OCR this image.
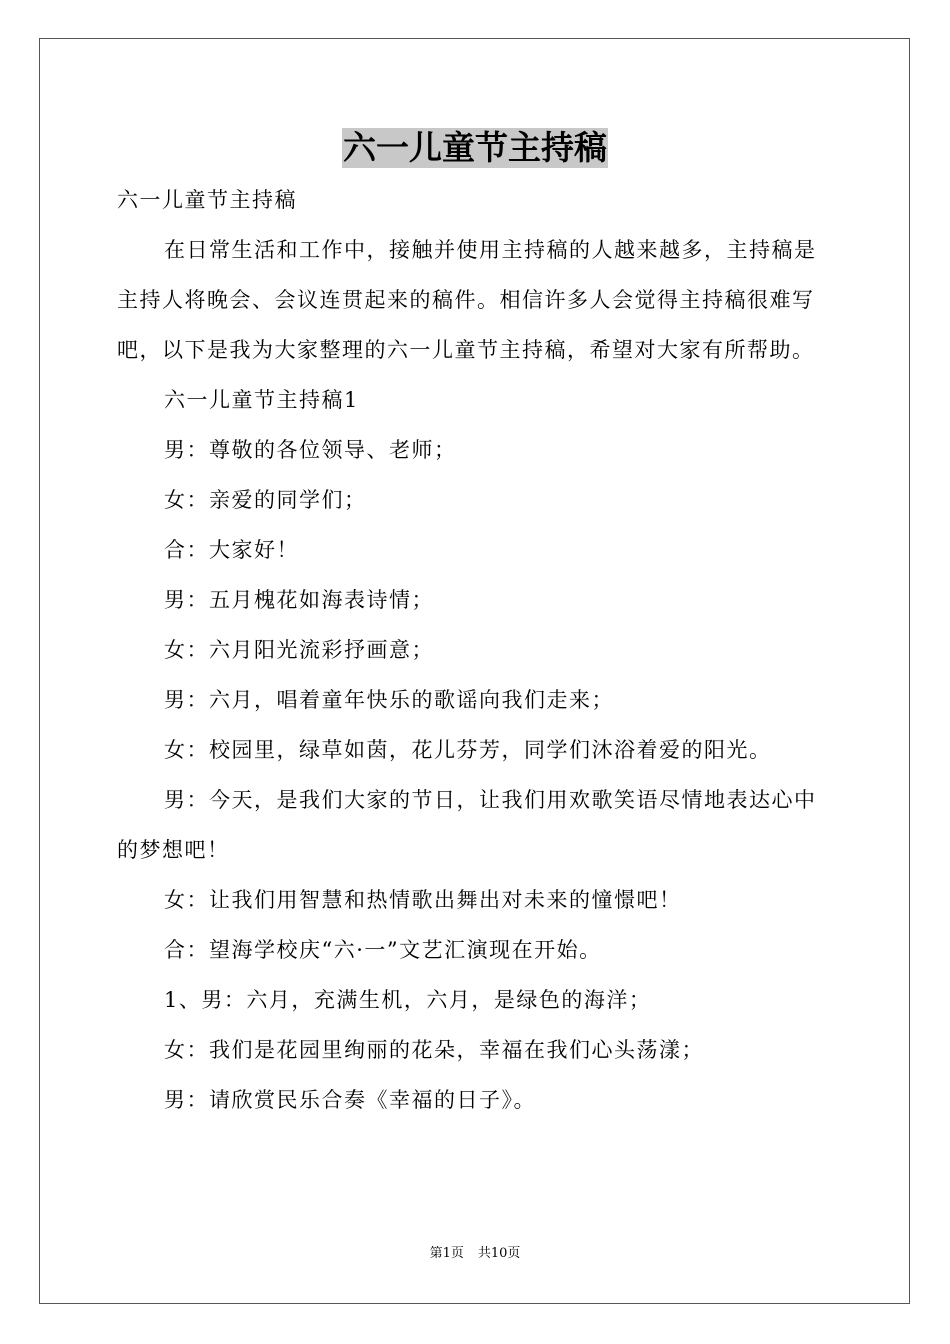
六一儿童节主持稿

六一儿童节主持稿

在日常生活和工作中，接触并使用主持稿的人越来越多，主持稿是主持人将晚会、会议连贯起来的稿件。相信许多人会觉得主持稿很难写吧，以下是我为大家整理的六一儿童节主持稿，希望对大家有所帮助。

六一儿童节主持稿1

男：尊敬的各位领导、老师；

女：亲爱的同学们；

合：大家好！

男：五月槐花如海表诗情；

女：六月阳光流彩抒画意；

男：六月，唱着童年快乐的歌谣向我们走来；

女：校园里，绿草如茵，花儿芬芳，同学们沐浴着爱的阳光。

男：今天，是我们大家的节日，让我们用欢歌笑语尽情地表达心中的梦想吧！

女：让我们用智慧和热情歌出舞出对未来的憧憬吧！

合：望海学校庆“六·一”文艺汇演现在开始。

1、男：六月，充满生机，六月，是绿色的海洋；

女：我们是花园里绚丽的花朵，幸福在我们心头荡漾；

男：请欣赏民乐合奏《幸福的日子》。

第1页 共10页
